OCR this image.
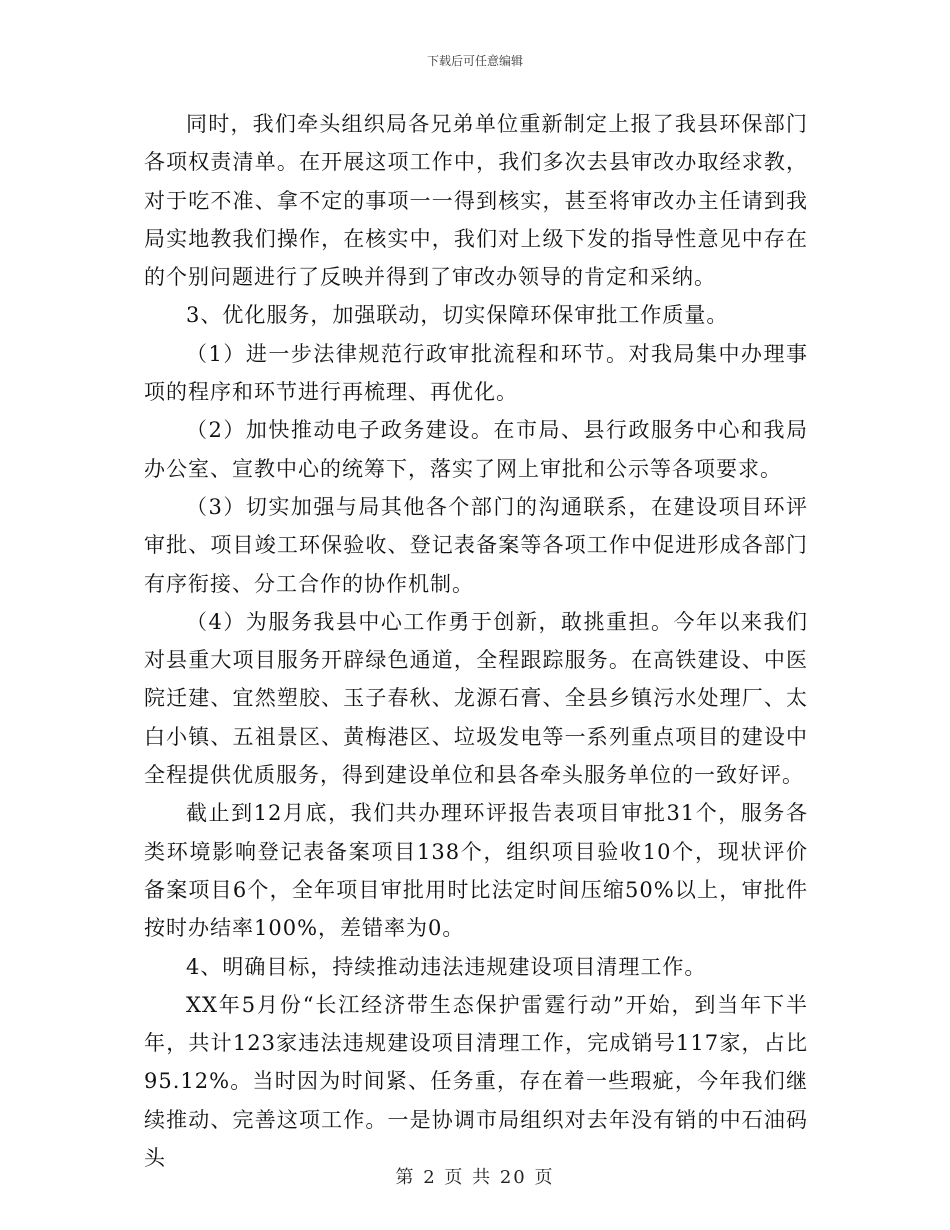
下载后可任意编辑

同时，我们牵头组织局各兄弟单位重新制定上报了我县环保部门各项权责清单。在开展这项工作中，我们多次去县审改办取经求教，对于吃不准、拿不定的事项一一得到核实，甚至将审改办主任请到我局实地教我们操作，在核实中，我们对上级下发的指导性意见中存在的个别问题进行了反映并得到了审改办领导的肯定和采纳。

3、优化服务，加强联动，切实保障环保审批工作质量。

（1）进一步法律规范行政审批流程和环节。对我局集中办理事项的程序和环节进行再梳理、再优化。

（2）加快推动电子政务建设。在市局、县行政服务中心和我局办公室、宣教中心的统筹下，落实了网上审批和公示等各项要求。

（3）切实加强与局其他各个部门的沟通联系，在建设项目环评审批、项目竣工环保验收、登记表备案等各项工作中促进形成各部门有序衔接、分工合作的协作机制。

（4）为服务我县中心工作勇于创新，敢挑重担。今年以来我们对县重大项目服务开辟绿色通道，全程跟踪服务。在高铁建设、中医院迁建、宜然塑胶、玉子春秋、龙源石膏、全县乡镇污水处理厂、太白小镇、五祖景区、黄梅港区、垃圾发电等一系列重点项目的建设中全程提供优质服务，得到建设单位和县各牵头服务单位的一致好评。

截止到12月底，我们共办理环评报告表项目审批31个，服务各类环境影响登记表备案项目138个，组织项目验收10个，现状评价备案项目6个，全年项目审批用时比法定时间压缩50%以上，审批件按时办结率100%，差错率为0。

4、明确目标，持续推动违法违规建设项目清理工作。

XX年5月份“长江经济带生态保护雷霆行动”开始，到当年下半年，共计123家违法违规建设项目清理工作，完成销号117家，占比95.12%。当时因为时间紧、任务重，存在着一些瑕疵，今年我们继续推动、完善这项工作。一是协调市局组织对去年没有销的中石油码头

第 2 页 共 20 页
